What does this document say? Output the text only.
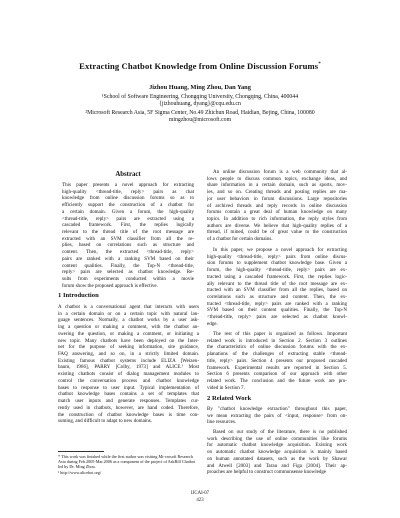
Extracting Chatbot Knowledge from Online Discussion Forums*
Jizhou Huang, Ming Zhou, Dan Yang
¹School of Software Engineering, Chongqing University, Chongqing, China, 400044
{jizhouhuang, dyang}@cqu.edu.cn
²Microsoft Research Asia, 5F Sigma Center, No.49 Zhichun Road, Haidian, Bejing, China, 100080
mingzhou@microsoft.com
Abstract
This paper presents a novel approach for extracting
high-quality <thread-title, reply> pairs as chat
knowledge from online discussion forums so as to
efficiently support the construction of a chatbot for
a certain domain. Given a forum, the high-quality
<thread-title, reply> pairs are extracted using a
cascaded framework. First, the replies logically
relevant to the thread title of the root message are
extracted with an SVM classifier from all the re-
plies, based on correlations such as structure and
content. Then, the extracted <thread-title, reply>
pairs are ranked with a ranking SVM based on their
content qualities. Finally, the Top-N <thread-title,
reply> pairs are selected as chatbot knowledge. Re-
sults from experiments conducted within a movie
forum show the proposed approach is effective.
1 Introduction
A chatbot is a conversational agent that interacts with users
in a certain domain or on a certain topic with natural lan-
guage sentences. Normally, a chatbot works by a user ask-
ing a question or making a comment, with the chatbot an-
swering the question, or making a comment, or initiating a
new topic. Many chatbots have been deployed on the Inter-
net for the purpose of seeking information, site guidance,
FAQ answering, and so on, in a strictly limited domain.
Existing famous chatbot systems include ELIZA [Weizen-
baum, 1966], PARRY [Colby, 1973] and ALICE.¹ Most
existing chatbots consist of dialog management modules to
control the conversation process and chatbot knowledge
bases to response to user input. Typical implementation of
chatbot knowledge bases contains a set of templates that
match user inputs and generate responses. Templates cur-
rently used in chatbots, however, are hand coded. Therefore,
the construction of chatbot knowledge bases is time con-
suming, and difficult to adapt to new domains.
* This work was finished while the first author was visiting Mi-crosoft Research Asia during Feb.2005-Mar.2006 as a component of the project of AskBill Chatbot led by Dr. Ming Zhou.
¹ http://www.alicebot.org/
An online discussion forum is a web community that al-
lows people to discuss common topics, exchange ideas, and
share information in a certain domain, such as sports, mov-
ies, and so on. Creating threads and posting replies are ma-
jor user behaviors in forum discussions. Large repositories
of archived threads and reply records in online discussion
forums contain a great deal of human knowledge on many
topics. In addition to rich information, the reply styles from
authors are diverse. We believe that high-quality replies of a
thread, if mined, could be of great value to the construction
of a chatbot for certain domains.
In this paper, we propose a novel approach for extracting
high-quality <thread-title, reply> pairs from online discus-
sion forums to supplement chatbot knowledge base. Given a
forum, the high-quality <thread-title, reply> pairs are ex-
tracted using a cascaded framework. First, the replies logic-
ally relevant to the thread title of the root message are ex-
tracted with an SVM classifier from all the replies, based on
correlations such as structure and content. Then, the ex-
tracted <thread-title, reply> pairs are ranked with a ranking
SVM based on their content qualities. Finally, the Top-N
<thread-title, reply> pairs are selected as chatbot knowl-
edge.
The rest of this paper is organized as follows. Important
related work is introduced in Section 2. Section 3 outlines
the characteristics of online discussion forums with the ex-
planations of the challenges of extracting stable <thread-
title, reply> pairs. Section 4 presents our proposed cascaded
framework. Experimental results are reported in Section 5.
Section 6 presents comparison of our approach with other
related work. The conclusion and the future work are pro-
vided in Section 7.
2 Related Work
By "chatbot knowledge extraction" throughout this paper,
we mean extracting the pairs of <input, response> from on-
line resources.
Based on our study of the literature, there is no published
work describing the use of online communities like forums
for automatic chatbot knowledge acquisition. Existing work
on automatic chatbot knowledge acquisition is mainly based
on human annotated datasets, such as the work by Shawar
and Atwell [2003] and Tarau and Figa [2004]. Their ap-
proaches are helpful to construct commonsense knowledge
IJCAI-07
423
